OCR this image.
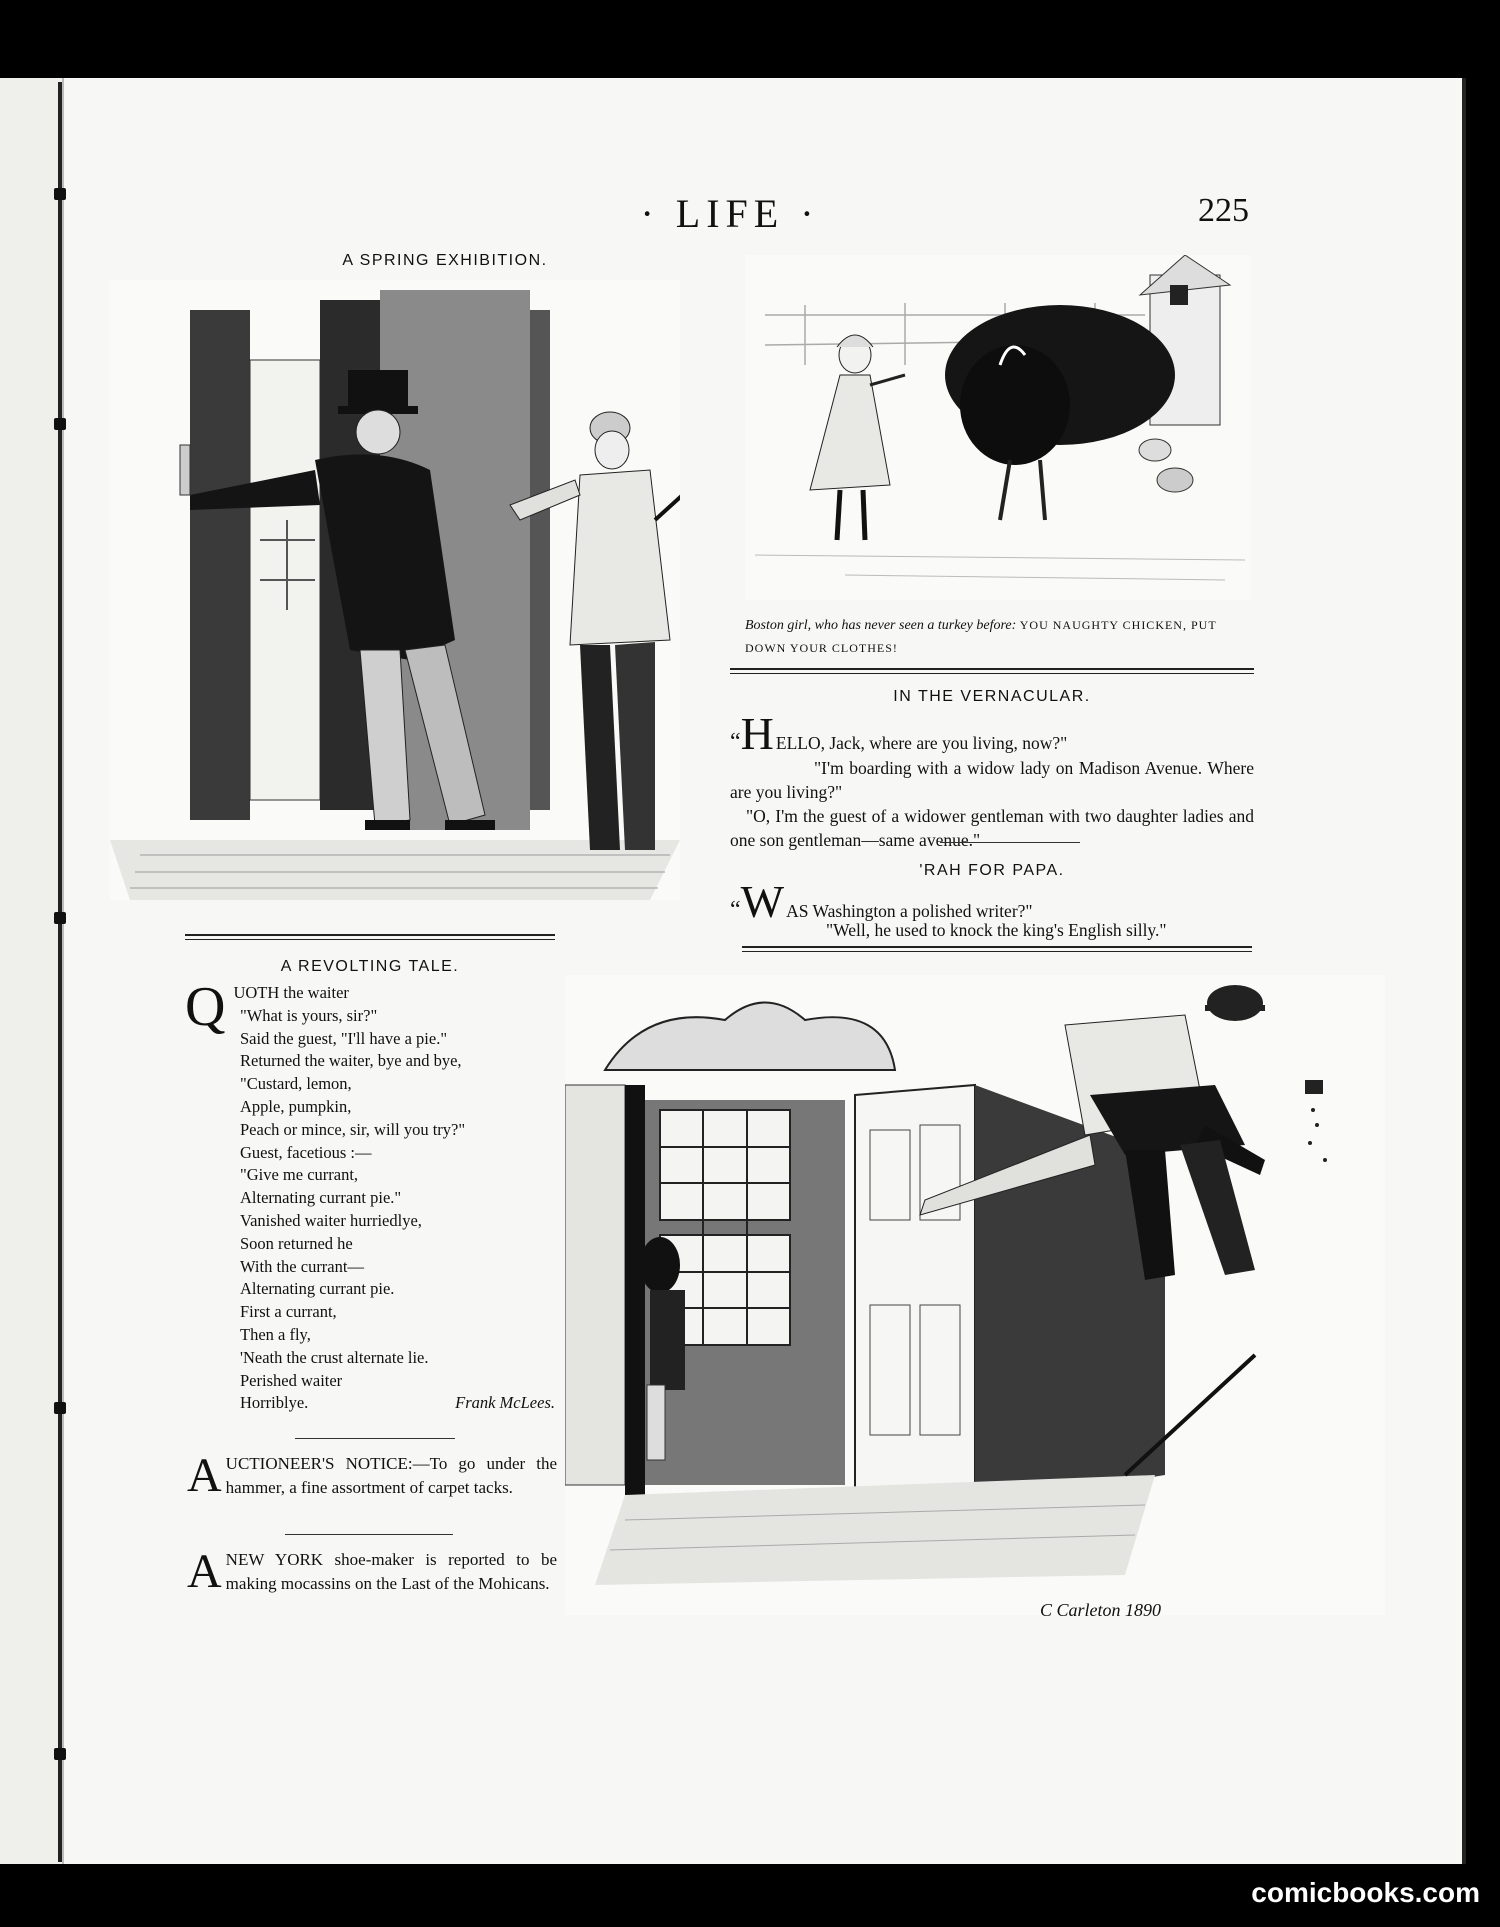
· LIFE ·	225
A SPRING EXHIBITION.
Boston girl, who has never seen a turkey before: YOU NAUGHTY CHICKEN, PUT DOWN YOUR CLOTHES!
IN THE VERNACULAR.
“H ELLO, Jack, where are you living, now?"
"I'm boarding with a widow lady on Madison Avenue. Where are you living?"
"O, I'm the guest of a widower gentleman with two daughter ladies and one son gentleman—same avenue."
'RAH FOR PAPA.
“W AS Washington a polished writer?"
"Well, he used to knock the king's English silly."
A REVOLTING TALE.
Q UOTH the waiter
"What is yours, sir?"
Said the guest, "I'll have a pie."
Returned the waiter, bye and bye,
"Custard, lemon,
Apple, pumpkin,
Peach or mince, sir, will you try?"
Guest, facetious :—
"Give me currant,
Alternating currant pie."
Vanished waiter hurriedlye,
Soon returned he
With the currant—
Alternating currant pie.
First a currant,
Then a fly,
'Neath the crust alternate lie.
Perished waiter
Horriblye.	Frank McLees.
AUCTIONEER'S NOTICE:—To go under the hammer, a fine assortment of carpet tacks.
ANEW YORK shoe-maker is reported to be making mocassins on the Last of the Mohicans.
C Carleton 1890
comicbooks.com
